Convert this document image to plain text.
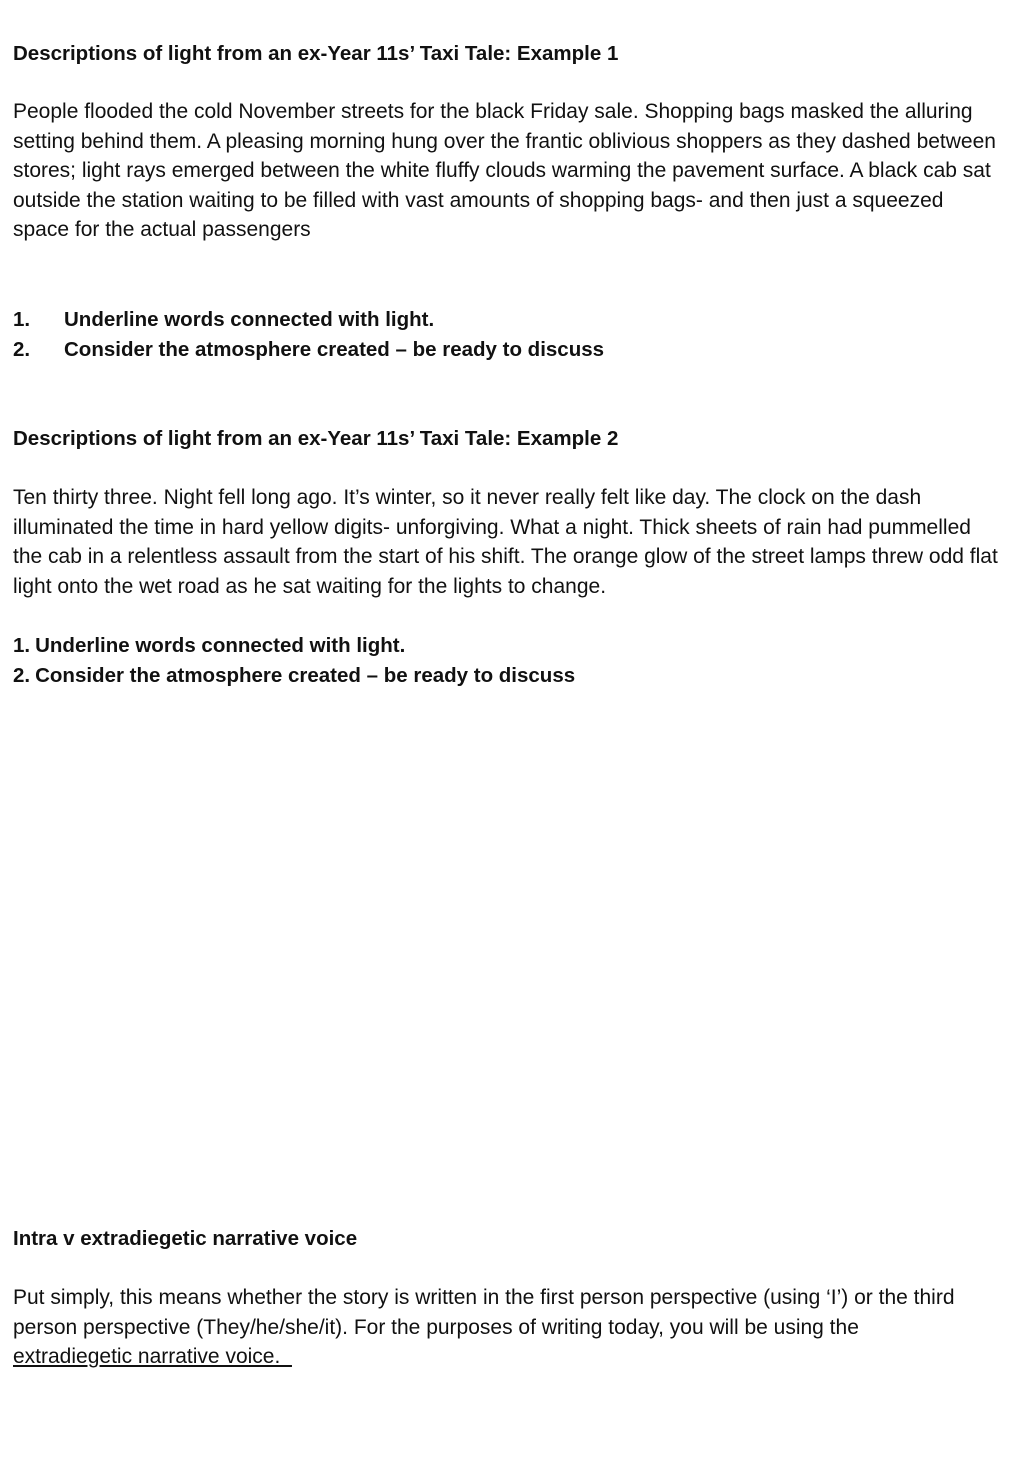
Descriptions of light from an ex-Year 11s’ Taxi Tale: Example 1

People flooded the cold November streets for the black Friday sale. Shopping bags masked the alluring setting behind them. A pleasing morning hung over the frantic oblivious shoppers as they dashed between stores; light rays emerged between the white fluffy clouds warming the pavement surface. A black cab sat outside the station waiting to be filled with vast amounts of shopping bags- and then just a squeezed space for the actual passengers

1.	Underline words connected with light.
2.	Consider the atmosphere created – be ready to discuss

Descriptions of light from an ex-Year 11s’ Taxi Tale: Example 2

Ten thirty three. Night fell long ago. It’s winter, so it never really felt like day. The clock on the dash illuminated the time in hard yellow digits- unforgiving. What a night. Thick sheets of rain had pummelled the cab in a relentless assault from the start of his shift. The orange glow of the street lamps threw odd flat light onto the wet road as he sat waiting for the lights to change.

1. Underline words connected with light.
2. Consider the atmosphere created – be ready to discuss

Intra v extradiegetic narrative voice

Put simply, this means whether the story is written in the first person perspective (using ‘I’) or the third person perspective (They/he/she/it). For the purposes of writing today, you will be using the extradiegetic narrative voice.
